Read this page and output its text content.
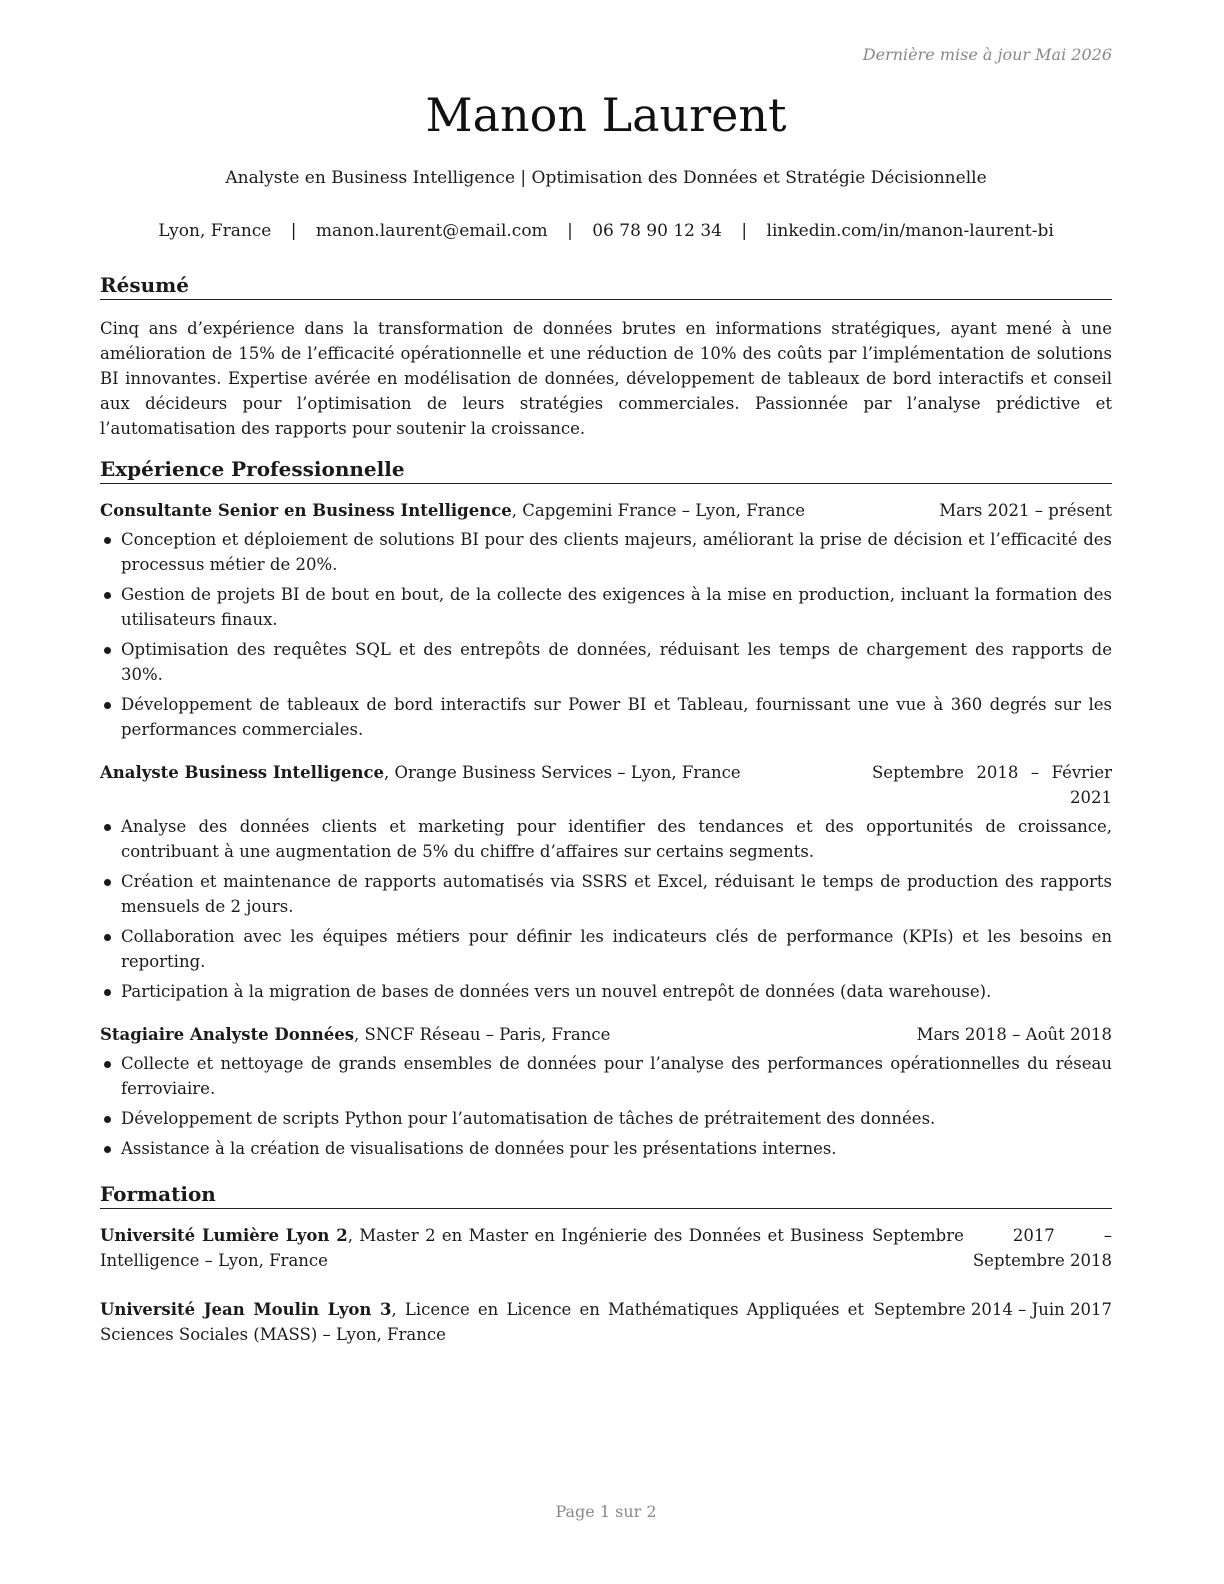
Dernière mise à jour Mai 2026
Manon Laurent
Analyste en Business Intelligence | Optimisation des Données et Stratégie Décisionnelle
Lyon, France | manon.laurent@email.com | 06 78 90 12 34 | linkedin.com/in/manon-laurent-bi
Résumé
Cinq ans d’expérience dans la transformation de données brutes en informations stratégiques, ayant mené à une amélioration de 15% de l’efficacité opérationnelle et une réduction de 10% des coûts par l’implémentation de solutions BI innovantes. Expertise avérée en modélisation de données, développement de tableaux de bord interactifs et conseil aux décideurs pour l’optimisation de leurs stratégies commerciales. Passionnée par l’analyse prédictive et l’automatisation des rapports pour soutenir la croissance.
Expérience Professionnelle
Consultante Senior en Business Intelligence, Capgemini France – Lyon, France	Mars 2021 – présent
Conception et déploiement de solutions BI pour des clients majeurs, améliorant la prise de décision et l’efficacité des processus métier de 20%.
Gestion de projets BI de bout en bout, de la collecte des exigences à la mise en production, incluant la formation des utilisateurs finaux.
Optimisation des requêtes SQL et des entrepôts de données, réduisant les temps de chargement des rapports de 30%.
Développement de tableaux de bord interactifs sur Power BI et Tableau, fournissant une vue à 360 degrés sur les performances commerciales.
Analyste Business Intelligence, Orange Business Services – Lyon, France	Septembre 2018 – Février 2021
Analyse des données clients et marketing pour identifier des tendances et des opportunités de croissance, contribuant à une augmentation de 5% du chiffre d’affaires sur certains segments.
Création et maintenance de rapports automatisés via SSRS et Excel, réduisant le temps de production des rapports mensuels de 2 jours.
Collaboration avec les équipes métiers pour définir les indicateurs clés de performance (KPIs) et les besoins en reporting.
Participation à la migration de bases de données vers un nouvel entrepôt de données (data warehouse).
Stagiaire Analyste Données, SNCF Réseau – Paris, France	Mars 2018 – Août 2018
Collecte et nettoyage de grands ensembles de données pour l’analyse des performances opérationnelles du réseau ferroviaire.
Développement de scripts Python pour l’automatisation de tâches de prétraitement des données.
Assistance à la création de visualisations de données pour les présentations internes.
Formation
Université Lumière Lyon 2, Master 2 en Master en Ingénierie des Données et Business Intelligence – Lyon, France
Septembre 2017 – Septembre 2018
Université Jean Moulin Lyon 3, Licence en Licence en Mathématiques Appliquées et Sciences Sociales (MASS) – Lyon, France
Septembre 2014 – Juin 2017
Page 1 sur 2
